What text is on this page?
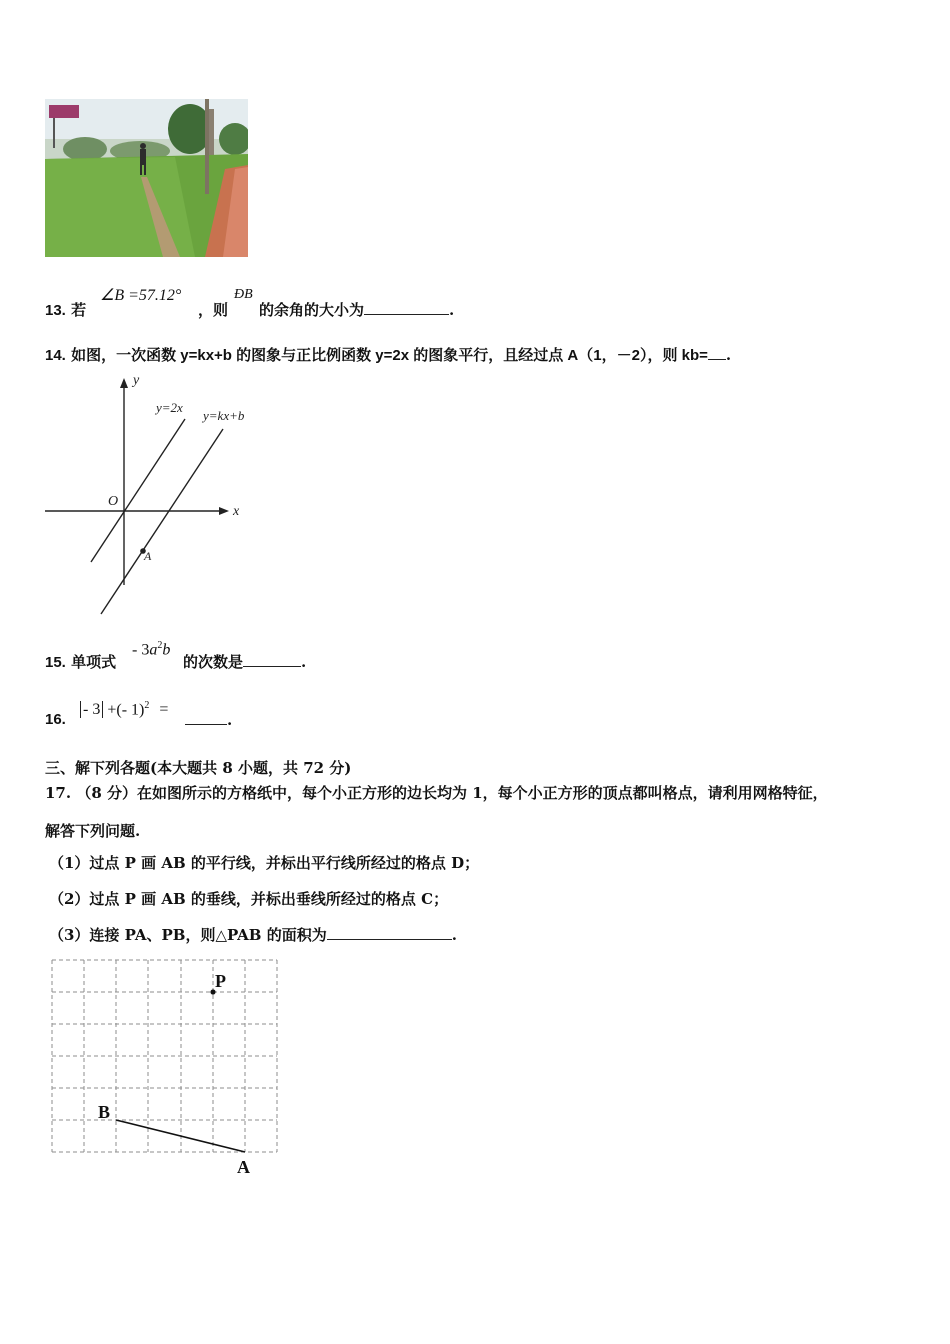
13. 若
∠B =57.12°
，则
ÐB
的余角的大小为	.
14. 如图，一次函数 y=kx+b 的图象与正比例函数 y=2x 的图象平行，且经过点 A（1，－2），则 kb= .
y
x
O
y=2x
y=kx+b
A
15. 单项式
- $3a^2b$
的次数是	.
16.
- 3 +(- 1)$^2$ =
.
三、解下列各题(本大题共 8 小题，共 72 分)
17. （8 分）在如图所示的方格纸中，每个小正方形的边长均为 1，每个小正方形的顶点都叫格点，请利用网格特征，
解答下列问题.
（1）过点 P 画 AB 的平行线，并标出平行线所经过的格点 D；
（2）过点 P 画 AB 的垂线，并标出垂线所经过的格点 C；
（3）连接 PA、PB，则△PAB 的面积为	.
P
B
A
